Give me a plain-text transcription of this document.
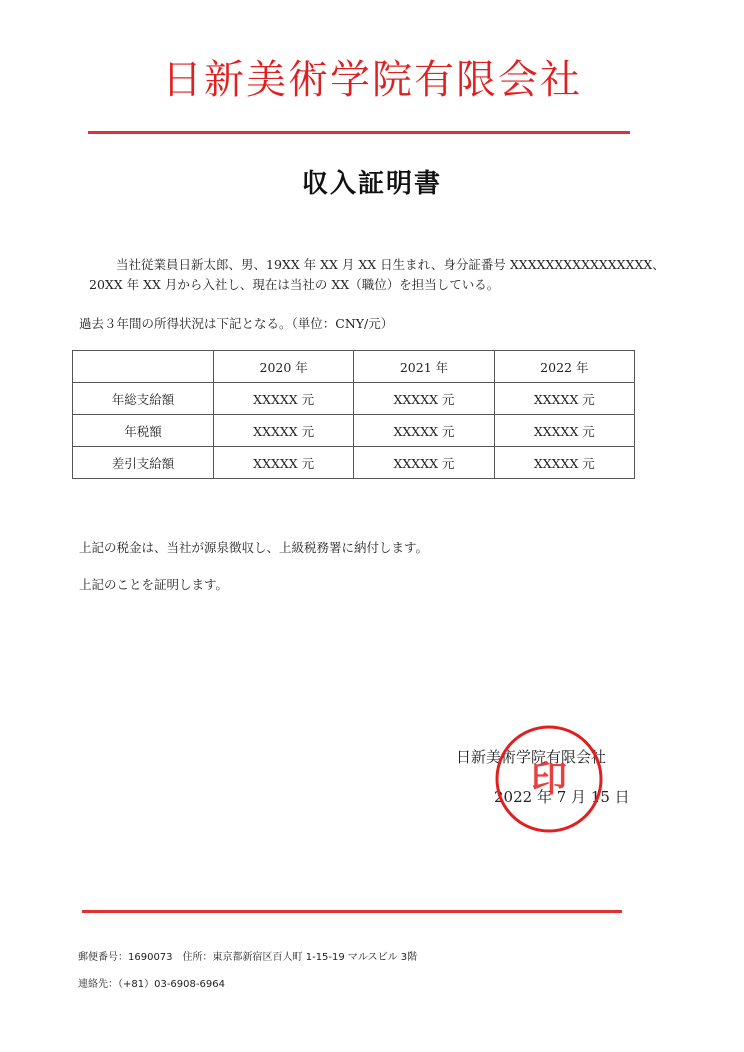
日新美術学院有限会社
収入証明書
当社従業員日新太郎、男、19XX 年 XX 月 XX 日生まれ、身分証番号 XXXXXXXXXXXXXXXX、
20XX 年 XX 月から入社し、現在は当社の XX（職位）を担当している。
過去３年間の所得状況は下記となる。（単位：CNY/元）
	2020 年	2021 年	2022 年
年総支給額	XXXXX 元	XXXXX 元	XXXXX 元
年税額	XXXXX 元	XXXXX 元	XXXXX 元
差引支給額	XXXXX 元	XXXXX 元	XXXXX 元
上記の税金は、当社が源泉徴収し、上級税務署に納付します。
上記のことを証明します。
日新美術学院有限会社
2022 年 7 月 15 日
印
郵便番号：1690073 住所：東京都新宿区百人町 1-15-19 マルスビル 3階
連絡先：（+81）03-6908-6964
